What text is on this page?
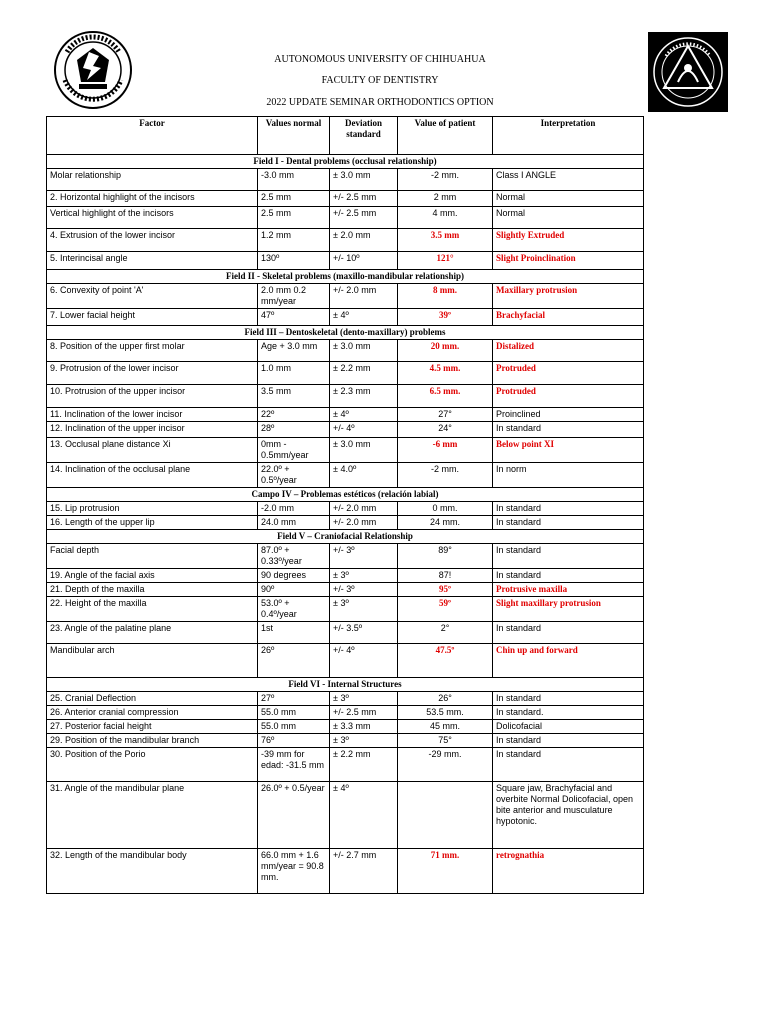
AUTONOMOUS UNIVERSITY OF CHIHUAHUA
FACULTY OF DENTISTRY
2022 UPDATE SEMINAR ORTHODONTICS OPTION
Factor	Values normal	Deviation standard	Value of patient	Interpretation
Field I - Dental problems (occlusal relationship)				
Molar relationship	-3.0 mm	± 3.0 mm	-2 mm.	Class I ANGLE
2. Horizontal highlight of the incisors	2.5 mm	+/- 2.5 mm	2 mm	Normal
Vertical highlight of the incisors	2.5 mm	+/- 2.5 mm	4 mm.	Normal
4. Extrusion of the lower incisor	1.2 mm	± 2.0 mm	3.5 mm	Slightly Extruded
5. Interincisal angle	130º	+/- 10º	121°	Slight Proinclination
Field II - Skeletal problems (maxillo-mandibular relationship)				
6. Convexity of point 'A'	2.0 mm 0.2 mm/year	+/- 2.0 mm	8 mm.	Maxillary protrusion
7. Lower facial height	47º	± 4º	39º	Brachyfacial
Field III – Dentoskeletal (dento-maxillary) problems				
8. Position of the upper first molar	Age + 3.0 mm	± 3.0 mm	20 mm.	Distalized
9. Protrusion of the lower incisor	1.0 mm	± 2.2 mm	4.5 mm.	Protruded
10. Protrusion of the upper incisor	3.5 mm	± 2.3 mm	6.5 mm.	Protruded
11. Inclination of the lower incisor	22º	± 4º	27°	Proinclined
12. Inclination of the upper incisor	28º	+/- 4º	24°	In standard
13. Occlusal plane distance Xi	0mm - 0.5mm/year	± 3.0 mm	-6 mm	Below point XI
14. Inclination of the occlusal plane	22.0º + 0.5º/year	± 4.0º	-2 mm.	In norm
Campo IV – Problemas estéticos (relación labial)				
15. Lip protrusion	-2.0 mm	+/- 2.0 mm	0 mm.	In standard
16. Length of the upper lip	24.0 mm	+/- 2.0 mm	24 mm.	In standard
Field V – Craniofacial Relationship				
Facial depth	87.0º + 0.33º/year	+/- 3º	89°	In standard
19. Angle of the facial axis	90 degrees	± 3º	87!	In standard
21. Depth of the maxilla	90º	+/- 3º	95º	Protrusive maxilla
22. Height of the maxilla	53.0º + 0.4º/year	± 3º	59º	Slight maxillary protrusion
23. Angle of the palatine plane	1st	+/- 3.5º	2°	In standard
Mandibular arch	26º	+/- 4º	47.5º	Chin up and forward
Field VI - Internal Structures				
25. Cranial Deflection	27º	± 3º	26°	In standard
26. Anterior cranial compression	55.0 mm	+/- 2.5 mm	53.5 mm.	In standard.
27. Posterior facial height	55.0 mm	± 3.3 mm	45 mm.	Dolicofacial
29. Position of the mandibular branch	76º	± 3º	75°	In standard
30. Position of the Porio	-39 mm for edad: -31.5 mm	± 2.2 mm	-29 mm.	In standard
31. Angle of the mandibular plane	26.0º + 0.5/year	± 4º		Square jaw, Brachyfacial and overbite Normal Dolicofacial, open bite anterior and musculature hypotonic.
32. Length of the mandibular body	66.0 mm + 1.6 mm/year = 90.8 mm.	+/- 2.7 mm	71 mm.	retrognathia
